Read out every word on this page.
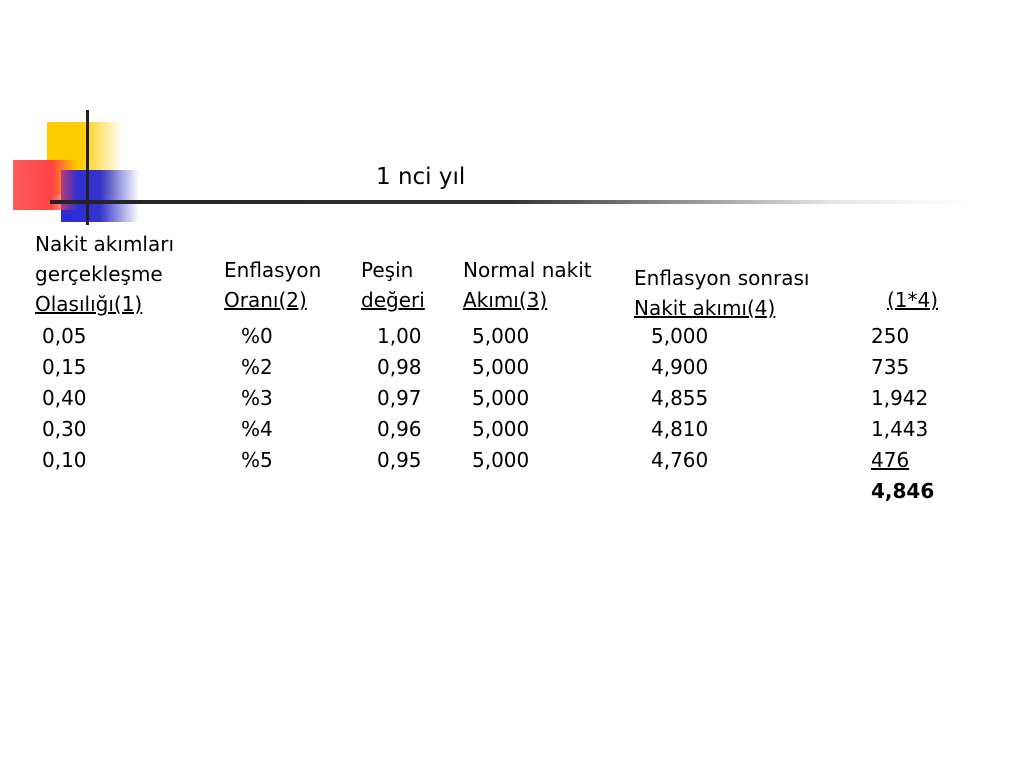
1 nci yıl
Nakit akımları
gerçekleşme
Olasılığı(1)
Enflasyon
Oranı(2)
Peşin
değeri
Normal nakit
Akımı(3)
Enflasyon sonrası
Nakit akımı(4)	(1*4)
0,05
0,15
0,40
0,30
0,10
%0
%2
%3
%4
%5
1,00
0,98
0,97
0,96
0,95
5,000
5,000
5,000
5,000
5,000
5,000
4,900
4,855
4,810
4,760
250
735
1,942
1,443
476
4,846
